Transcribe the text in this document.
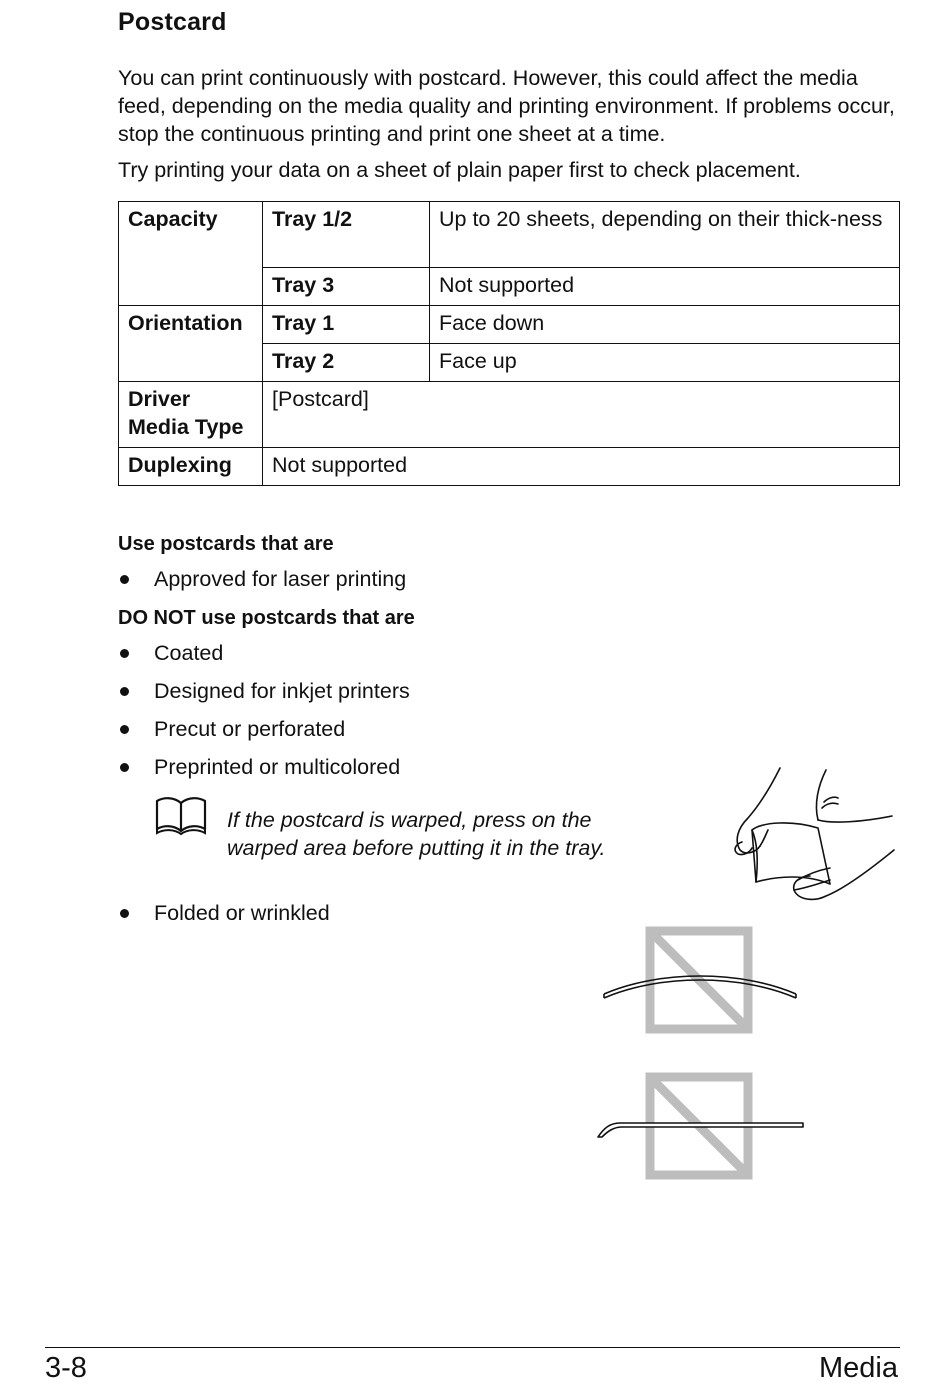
Postcard
You can print continuously with postcard. However, this could affect the media feed, depending on the media quality and printing environment. If problems occur, stop the continuous printing and print one sheet at a time.
Try printing your data on a sheet of plain paper first to check placement.
Capacity	Tray 1/2	Up to 20 sheets, depending on their thick-ness
	Tray 3	Not supported
Orientation	Tray 1	Face down
	Tray 2	Face up
Driver Media Type	[Postcard]	
Duplexing	Not supported	
Use postcards that are
Approved for laser printing
DO NOT use postcards that are
Coated
Designed for inkjet printers
Precut or perforated
Preprinted or multicolored
If the postcard is warped, press on the warped area before putting it in the tray.
Folded or wrinkled
3-8	Media
